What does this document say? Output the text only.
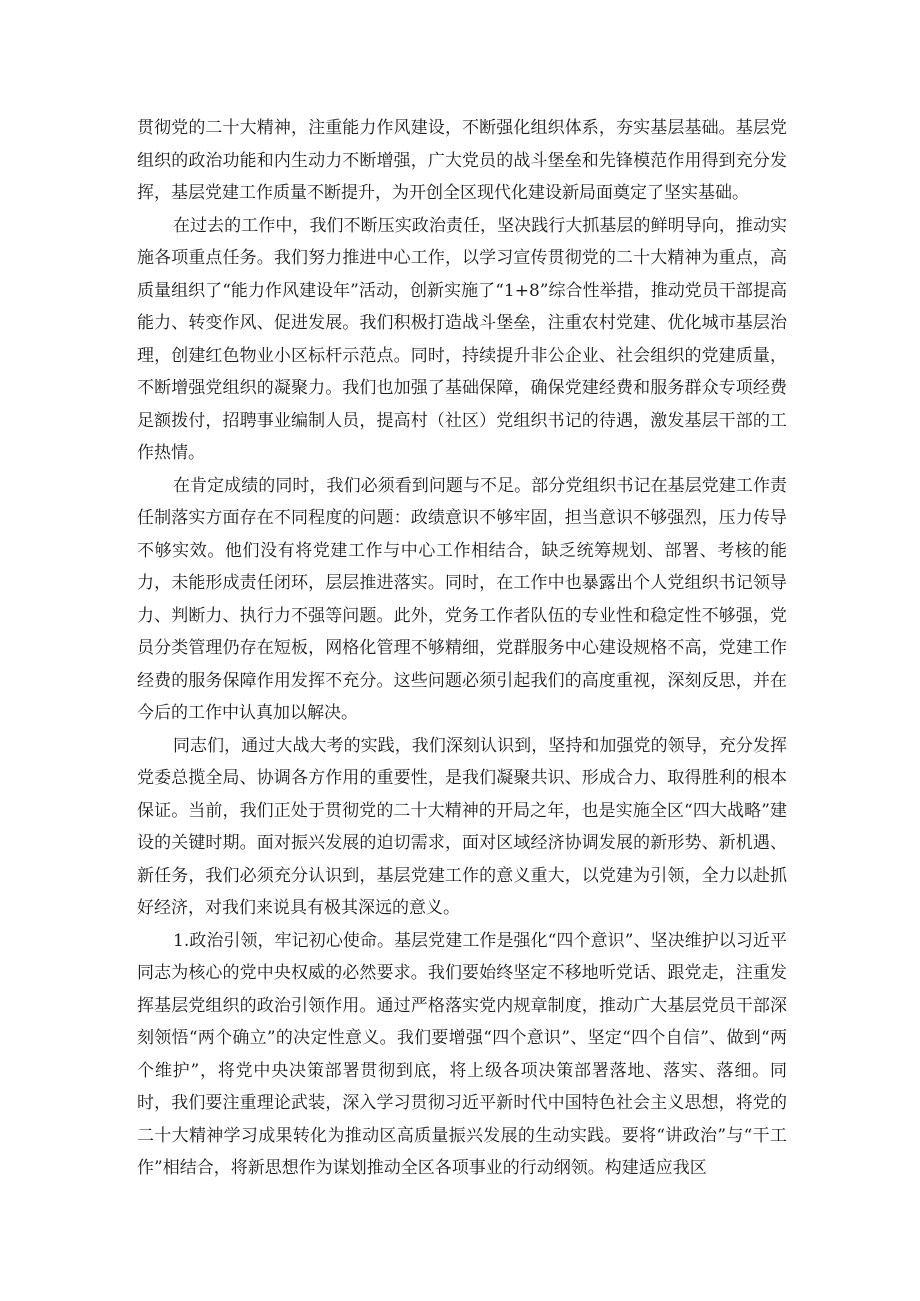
贯彻党的二十大精神，注重能力作风建设，不断强化组织体系，夯实基层基础。基层党组织的政治功能和内生动力不断增强，广大党员的战斗堡垒和先锋模范作用得到充分发挥，基层党建工作质量不断提升，为开创全区现代化建设新局面奠定了坚实基础。

在过去的工作中，我们不断压实政治责任，坚决践行大抓基层的鲜明导向，推动实施各项重点任务。我们努力推进中心工作，以学习宣传贯彻党的二十大精神为重点，高质量组织了“能力作风建设年”活动，创新实施了“1+8”综合性举措，推动党员干部提高能力、转变作风、促进发展。我们积极打造战斗堡垒，注重农村党建、优化城市基层治理，创建红色物业小区标杆示范点。同时，持续提升非公企业、社会组织的党建质量，不断增强党组织的凝聚力。我们也加强了基础保障，确保党建经费和服务群众专项经费足额拨付，招聘事业编制人员，提高村（社区）党组织书记的待遇，激发基层干部的工作热情。

在肯定成绩的同时，我们必须看到问题与不足。部分党组织书记在基层党建工作责任制落实方面存在不同程度的问题：政绩意识不够牢固，担当意识不够强烈，压力传导不够实效。他们没有将党建工作与中心工作相结合，缺乏统筹规划、部署、考核的能力，未能形成责任闭环，层层推进落实。同时，在工作中也暴露出个人党组织书记领导力、判断力、执行力不强等问题。此外，党务工作者队伍的专业性和稳定性不够强，党员分类管理仍存在短板，网格化管理不够精细，党群服务中心建设规格不高，党建工作经费的服务保障作用发挥不充分。这些问题必须引起我们的高度重视，深刻反思，并在今后的工作中认真加以解决。

同志们，通过大战大考的实践，我们深刻认识到，坚持和加强党的领导，充分发挥党委总揽全局、协调各方作用的重要性，是我们凝聚共识、形成合力、取得胜利的根本保证。当前，我们正处于贯彻党的二十大精神的开局之年，也是实施全区“四大战略”建设的关键时期。面对振兴发展的迫切需求，面对区域经济协调发展的新形势、新机遇、新任务，我们必须充分认识到，基层党建工作的意义重大，以党建为引领，全力以赴抓好经济，对我们来说具有极其深远的意义。

1.政治引领，牢记初心使命。基层党建工作是强化“四个意识”、坚决维护以习近平同志为核心的党中央权威的必然要求。我们要始终坚定不移地听党话、跟党走，注重发挥基层党组织的政治引领作用。通过严格落实党内规章制度，推动广大基层党员干部深刻领悟“两个确立”的决定性意义。我们要增强“四个意识”、坚定“四个自信”、做到“两个维护”，将党中央决策部署贯彻到底，将上级各项决策部署落地、落实、落细。同时，我们要注重理论武装，深入学习贯彻习近平新时代中国特色社会主义思想，将党的二十大精神学习成果转化为推动区高质量振兴发展的生动实践。要将“讲政治”与“干工作”相结合，将新思想作为谋划推动全区各项事业的行动纲领。构建适应我区
